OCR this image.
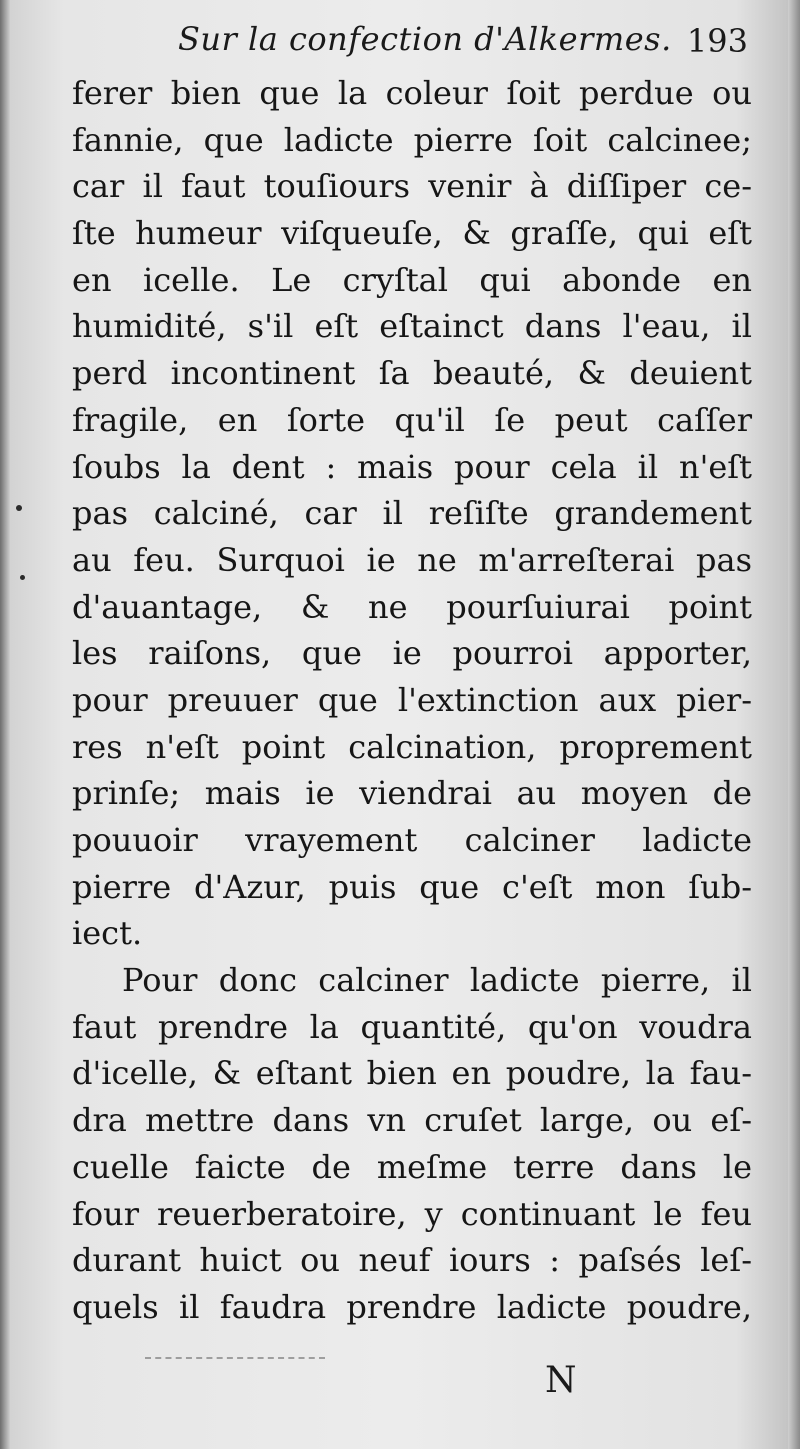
Sur la confection d'Alkermes. 193
ferer bien que la coleur ſoit perdue ou
fannie, que ladicte pierre ſoit calcinee;
car il faut touſiours venir à diſſiper ce-
ſte humeur viſqueuſe, & graſſe, qui eſt
en icelle. Le cryſtal qui abonde en
humidité, s'il eſt eſtainct dans l'eau, il
perd incontinent ſa beauté, & deuient
fragile, en ſorte qu'il ſe peut caſſer
ſoubs la dent : mais pour cela il n'eſt
pas calciné, car il reſiſte grandement
au feu. Surquoi ie ne m'arreſterai pas
d'auantage, & ne pourſuiurai point
les raiſons, que ie pourroi apporter,
pour preuuer que l'extinction aux pier-
res n'eſt point calcination, proprement
prinſe; mais ie viendrai au moyen de
pouuoir vrayement calciner ladicte
pierre d'Azur, puis que c'eſt mon ſub-
iect.
Pour donc calciner ladicte pierre, il
faut prendre la quantité, qu'on voudra
d'icelle, & eſtant bien en poudre, la fau-
dra mettre dans vn cruſet large, ou eſ-
cuelle faicte de meſme terre dans le
four reuerberatoire, y continuant le feu
durant huict ou neuf iours : paſsés leſ-
quels il faudra prendre ladicte poudre,
N
